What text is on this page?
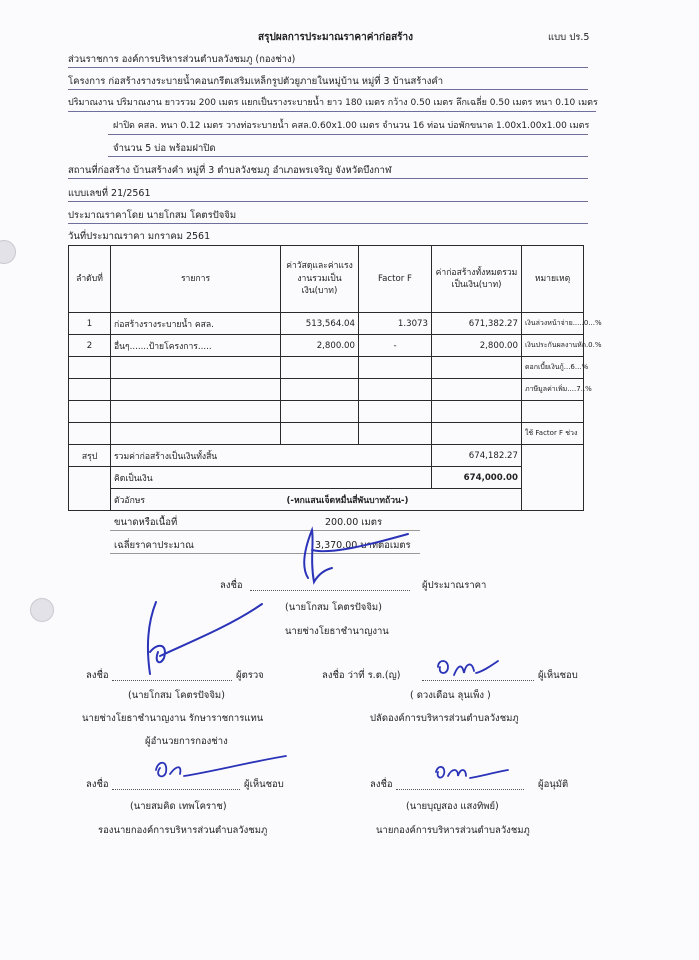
สรุปผลการประมาณราคาค่าก่อสร้าง	แบบ ปร.5
ส่วนราชการ องค์การบริหารส่วนตำบลวังชมภู (กองช่าง)
โครงการ ก่อสร้างรางระบายน้ำคอนกรีตเสริมเหล็กรูปตัวยูภายในหมู่บ้าน หมู่ที่ 3 บ้านสร้างคำ
ปริมาณงาน ปริมาณงาน ยาวรวม 200 เมตร แยกเป็นรางระบายน้ำ ยาว 180 เมตร กว้าง 0.50 เมตร ลึกเฉลี่ย 0.50 เมตร หนา 0.10 เมตร
ฝาปิด คสล. หนา 0.12 เมตร วางท่อระบายน้ำ คสล.0.60x1.00 เมตร จำนวน 16 ท่อน บ่อพักขนาด 1.00x1.00x1.00 เมตร
จำนวน 5 บ่อ พร้อมฝาปิด
สถานที่ก่อสร้าง บ้านสร้างคำ หมู่ที่ 3 ตำบลวังชมภู อำเภอพรเจริญ จังหวัดบึงกาฬ
แบบเลขที่ 21/2561
ประมาณราคาโดย นายโกสม โคตรปัจจิม
วันที่ประมาณราคา มกราคม 2561
ลำดับที่	รายการ	ค่าวัสดุและค่าแรงงานรวมเป็นเงิน(บาท)	Factor F	ค่าก่อสร้างทั้งหมดรวมเป็นเงิน(บาท)	หมายเหตุ
1	ก่อสร้างรางระบายน้ำ คสล.	513,564.04	1.3073	671,382.27	เงินล่วงหน้าจ่าย.....0...%
2	อื่นๆ.......ป้ายโครงการ.....	2,800.00	-	2,800.00	เงินประกันผลงานหัก.0.%
					ดอกเบี้ยเงินกู้...6...%
					ภาษีมูลค่าเพิ่ม....7..%

					ใช้ Factor F ช่วง
สรุป	รวมค่าก่อสร้างเป็นเงินทั้งสิ้น			674,182.27	
	คิดเป็นเงิน			674,000.00	
	ตัวอักษร (-หกแสนเจ็ดหมื่นสี่พันบาทถ้วน-)				
ขนาดหรือเนื้อที่	200.00 เมตร
เฉลี่ยราคาประมาณ	3,370.00 บาทต่อเมตร
ลงชื่อ	ผู้ประมาณราคา
(นายโกสม โคตรปัจจิม)
นายช่างโยธาชำนาญงาน
ลงชื่อ	ผู้ตรวจ
(นายโกสม โคตรปัจจิม)
นายช่างโยธาชำนาญงาน รักษาราชการแทน
ผู้อำนวยการกองช่าง
ลงชื่อ ว่าที่ ร.ต.(ญ)	ผู้เห็นชอบ
( ดวงเดือน ลุนเพ็ง )
ปลัดองค์การบริหารส่วนตำบลวังชมภู
ลงชื่อ	ผู้เห็นชอบ
(นายสมคิด เทพโคราช)
รองนายกองค์การบริหารส่วนตำบลวังชมภู
ลงชื่อ	ผู้อนุมัติ
(นายบุญสอง แสงทิพย์)
นายกองค์การบริหารส่วนตำบลวังชมภู
